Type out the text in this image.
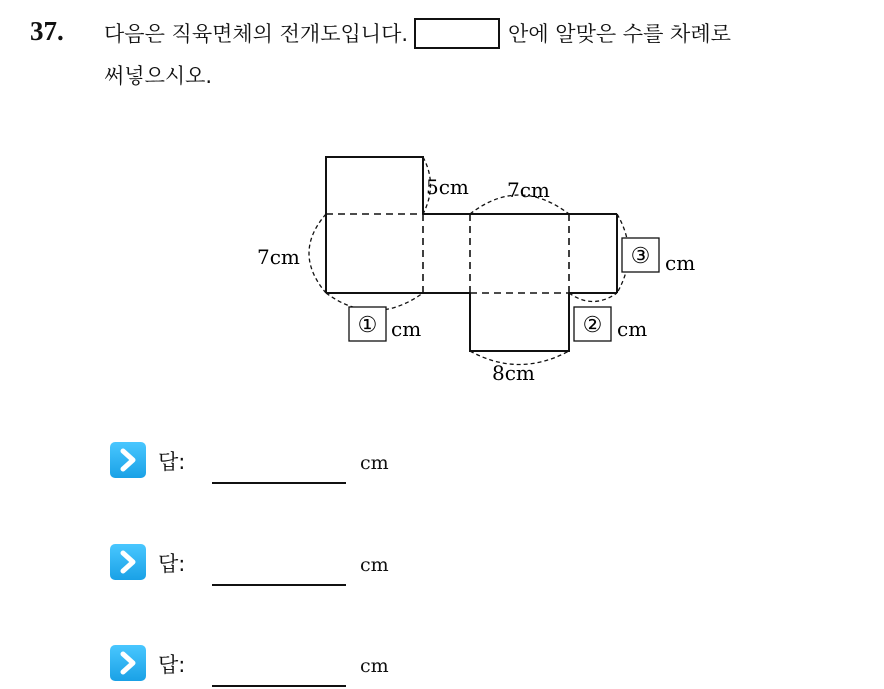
37. 다음은 직육면체의 전개도입니다.	안에 알맞은 수를 차례로
써넣으시오.
5cm 7cm
7cm
8cm
① cm	② cm
③ cm
답:	cm
답:	cm
답:	cm
